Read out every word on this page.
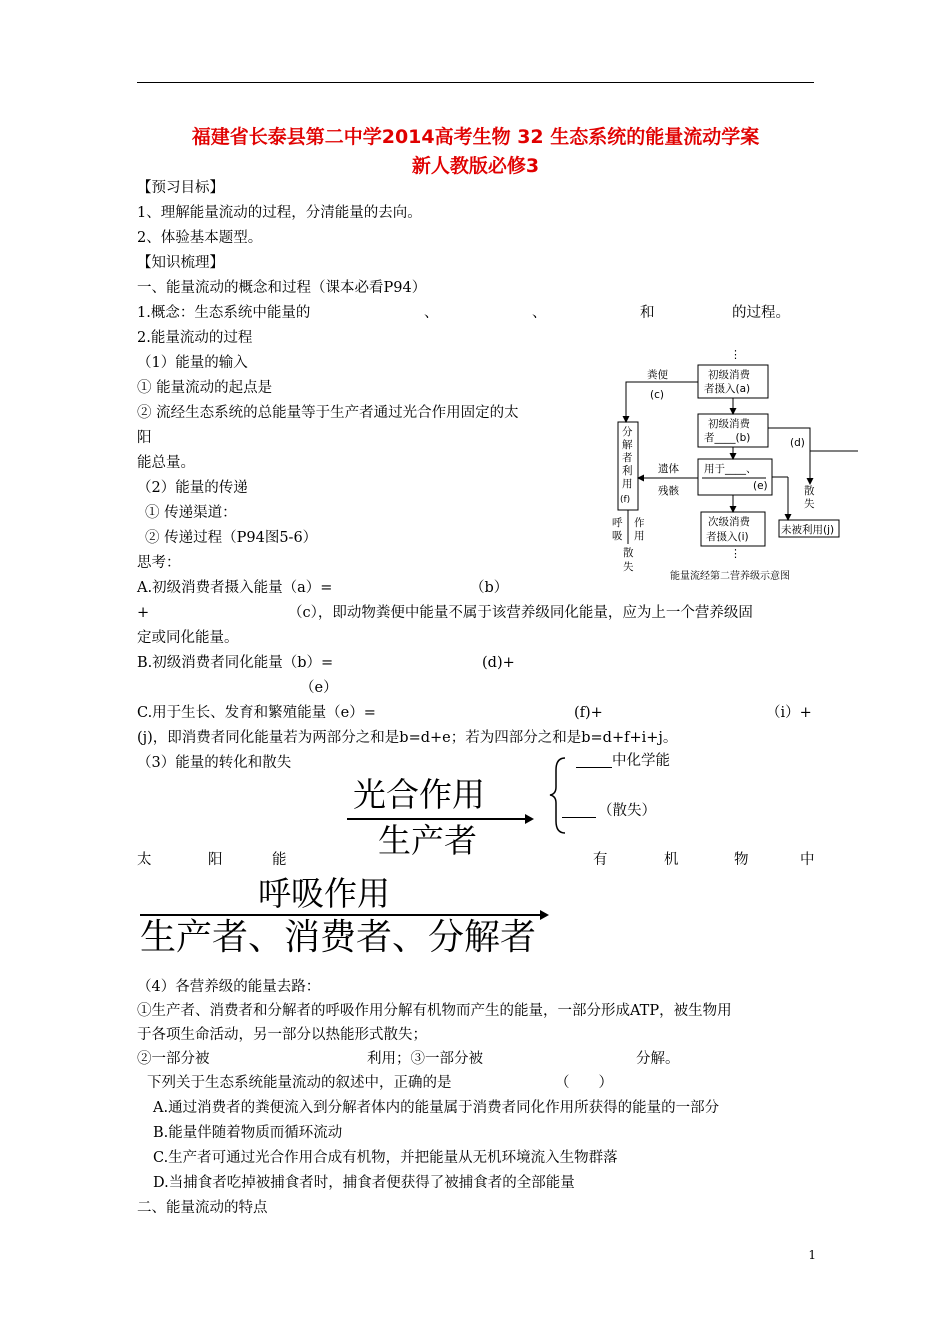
福建省长泰县第二中学2014高考生物 32 生态系统的能量流动学案
新人教版必修3
【预习目标】
1、理解能量流动的过程，分清能量的去向。
2、体验基本题型。
【知识梳理】
一、能量流动的概念和过程（课本必看P94）
1.概念：生态系统中能量的	、	、	和	的过程。
2.能量流动的过程
（1）能量的输入
① 能量流动的起点是
② 流经生态系统的总能量等于生产者通过光合作用固定的太
阳
能总量。
（2）能量的传递
① 传递渠道：
② 传递过程（P94图5-6）
思考：
A.初级消费者摄入能量（a）=	（b）
+	（c），即动物粪便中能量不属于该营养级同化能量，应为上一个营养级固
定或同化能量。
B.初级消费者同化能量（b）=	(d)+
（e）
C.用于生长、发育和繁殖能量（e）=	(f)+	（i）+
(j)，即消费者同化能量若为两部分之和是b=d+e；若为四部分之和是b=d+f+i+j。
（3）能量的转化和散失
光合作用
生产者
中化学能
（散失）
太	阳	能	有	机	物	中
呼吸作用
生产者、消费者、分解者
（4）各营养级的能量去路：
①生产者、消费者和分解者的呼吸作用分解有机物而产生的能量，一部分形成ATP，被生物用
于各项生命活动，另一部分以热能形式散失；
②一部分被	利用；③一部分被	分解。
下列关于生态系统能量流动的叙述中，正确的是	（　　）
A.通过消费者的粪便流入到分解者体内的能量属于消费者同化作用所获得的能量的一部分
B.能量伴随着物质而循环流动
C.生产者可通过光合作用合成有机物，并把能量从无机环境流入生物群落
D.当捕食者吃掉被捕食者时，捕食者便获得了被捕食者的全部能量
二、能量流动的特点
1
⋮
初级消费
者摄入(a)
初级消费
者____(b)
用于____、
(e)
次级消费
者摄入(i)
⋮
未被利用(j)
分
解
者
利
用
(f)
粪便
(c)
遗体
残骸
(d)
散
失
呼
吸
作
用
散
失
能量流经第二营养级示意图
